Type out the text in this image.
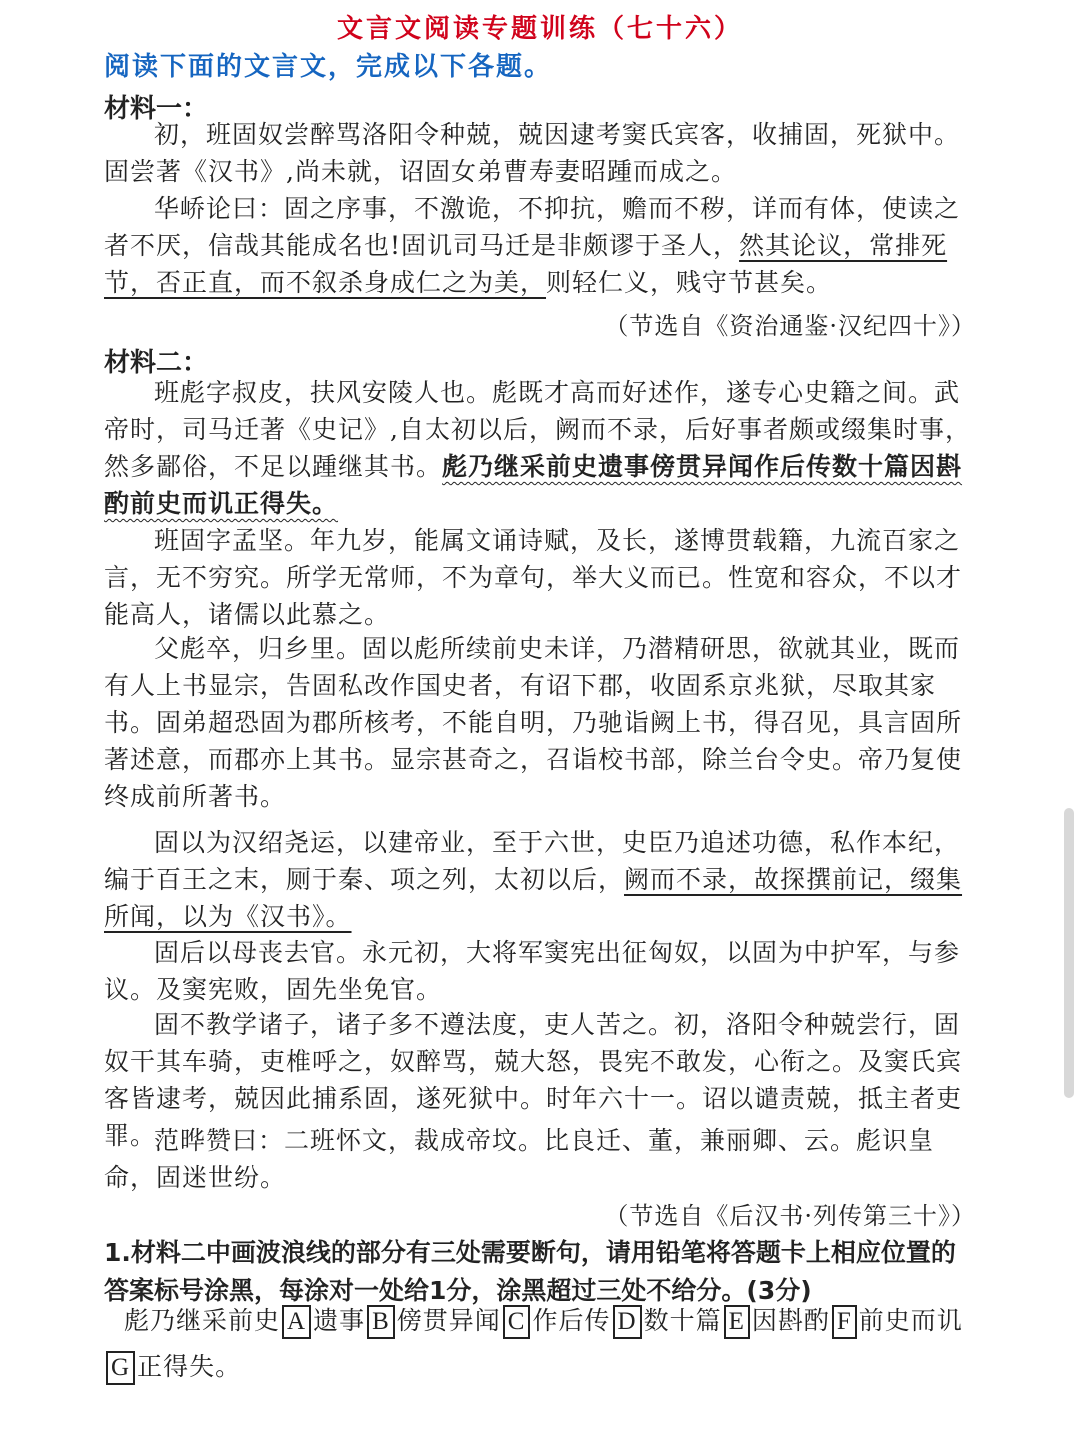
文言文阅读专题训练（七十六）
阅读下面的文言文，完成以下各题。
材料一：
初，班固奴尝醉骂洛阳令种兢，兢因逮考窦氏宾客，收捕固，死狱中。固尝著《汉书》,尚未就，诏固女弟曹寿妻昭踵而成之。
华峤论曰：固之序事，不激诡，不抑抗，赡而不秽，详而有体，使读之者不厌，信哉其能成名也!固讥司马迁是非颇谬于圣人，然其论议，常排死节，否正直，而不叙杀身成仁之为美，则轻仁义，贱守节甚矣。
（节选自《资治通鉴·汉纪四十》）
材料二：
班彪字叔皮，扶风安陵人也。彪既才高而好述作，遂专心史籍之间。武帝时，司马迁著《史记》,自太初以后，阙而不录，后好事者颇或缀集时事，然多鄙俗，不足以踵继其书。彪乃继采前史遗事傍贯异闻作后传数十篇因斟酌前史而讥正得失。
班固字孟坚。年九岁，能属文诵诗赋，及长，遂博贯载籍，九流百家之言，无不穷究。所学无常师，不为章句，举大义而已。性宽和容众，不以才能高人，诸儒以此慕之。
父彪卒，归乡里。固以彪所续前史未详，乃潜精研思，欲就其业，既而有人上书显宗，告固私改作国史者，有诏下郡，收固系京兆狱，尽取其家书。固弟超恐固为郡所核考，不能自明，乃驰诣阙上书，得召见，具言固所著述意，而郡亦上其书。显宗甚奇之，召诣校书部，除兰台令史。帝乃复使终成前所著书。
固以为汉绍尧运，以建帝业，至于六世，史臣乃追述功德，私作本纪，编于百王之末，厕于秦、项之列，太初以后，阙而不录，故探撰前记，缀集所闻，以为《汉书》。
固后以母丧去官。永元初，大将军窦宪出征匈奴，以固为中护军，与参议。及窦宪败，固先坐免官。
固不教学诸子，诸子多不遵法度，吏人苦之。初，洛阳令种兢尝行，固奴干其车骑，吏椎呼之，奴醉骂，兢大怒，畏宪不敢发，心衔之。及窦氏宾客皆逮考，兢因此捕系固，遂死狱中。时年六十一。诏以谴责兢，抵主者吏罪。
范晔赞曰：二班怀文，裁成帝坟。比良迁、董，兼丽卿、云。彪识皇命，固迷世纷。
（节选自《后汉书·列传第三十》）
1.材料二中画波浪线的部分有三处需要断句，请用铅笔将答题卡上相应位置的答案标号涂黑，每涂对一处给1分，涂黑超过三处不给分。(3分)
彪乃继采前史 A 遗事 B 傍贯异闻 C 作后传 D 数十篇 E 因斟酌 F 前史而讥G 正得失。
